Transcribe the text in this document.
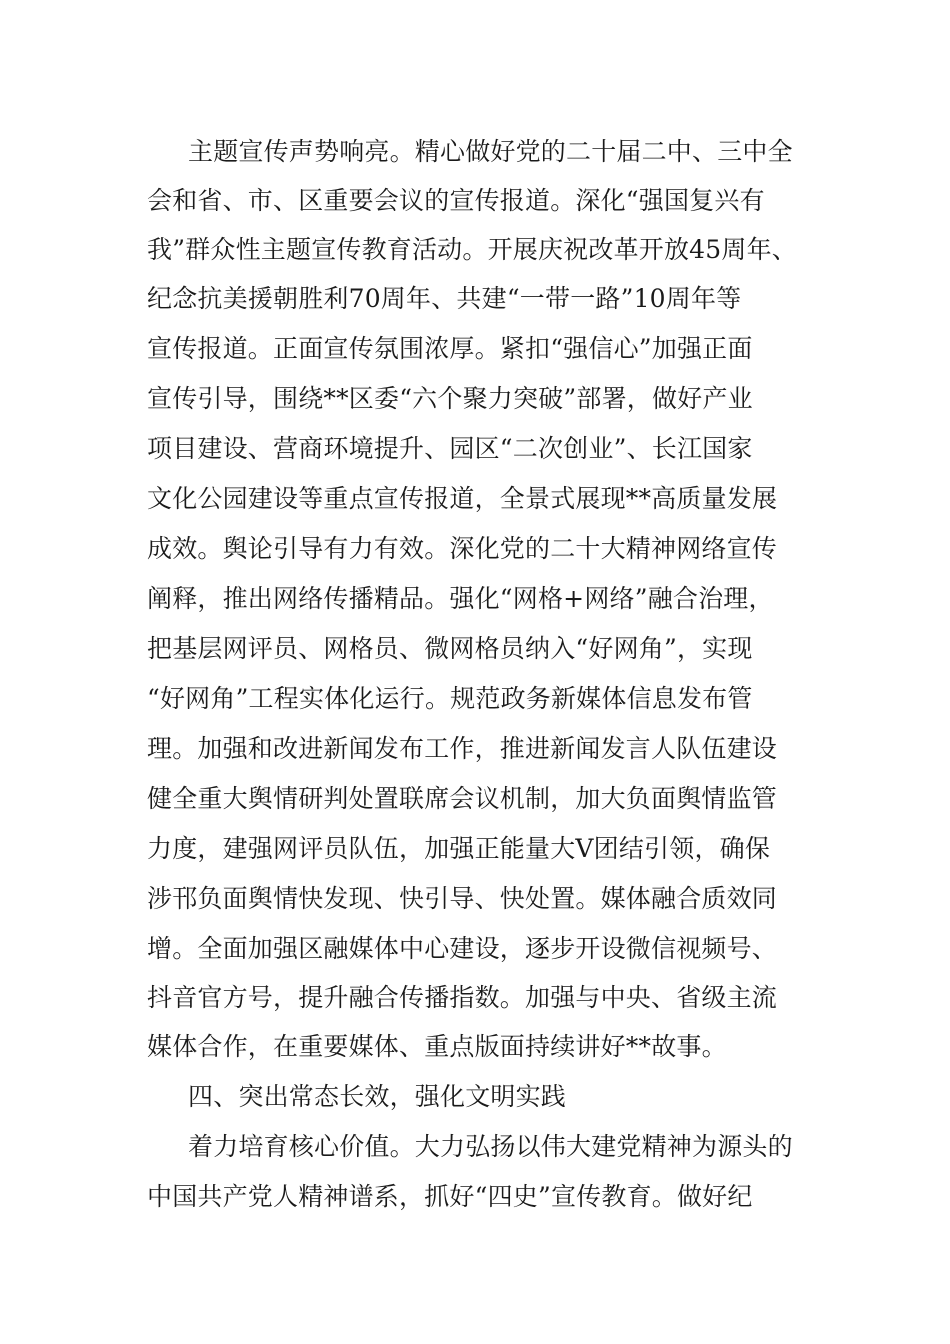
主题宣传声势响亮。精心做好党的二十届二中、三中全
会和省、市、区重要会议的宣传报道。深化“强国复兴有
我”群众性主题宣传教育活动。开展庆祝改革开放45周年、
纪念抗美援朝胜利70周年、共建“一带一路”10周年等
宣传报道。正面宣传氛围浓厚。紧扣“强信心”加强正面
宣传引导，围绕**区委“六个聚力突破”部署，做好产业
项目建设、营商环境提升、园区“二次创业”、长江国家
文化公园建设等重点宣传报道，全景式展现**高质量发展
成效。舆论引导有力有效。深化党的二十大精神网络宣传
阐释，推出网络传播精品。强化“网格+网络”融合治理，
把基层网评员、网格员、微网格员纳入“好网角”，实现
“好网角”工程实体化运行。规范政务新媒体信息发布管
理。加强和改进新闻发布工作，推进新闻发言人队伍建设
健全重大舆情研判处置联席会议机制，加大负面舆情监管
力度，建强网评员队伍，加强正能量大V团结引领，确保
涉邗负面舆情快发现、快引导、快处置。媒体融合质效同
增。全面加强区融媒体中心建设，逐步开设微信视频号、
抖音官方号，提升融合传播指数。加强与中央、省级主流
媒体合作，在重要媒体、重点版面持续讲好**故事。
四、突出常态长效，强化文明实践
着力培育核心价值。大力弘扬以伟大建党精神为源头的
中国共产党人精神谱系，抓好“四史”宣传教育。做好纪
